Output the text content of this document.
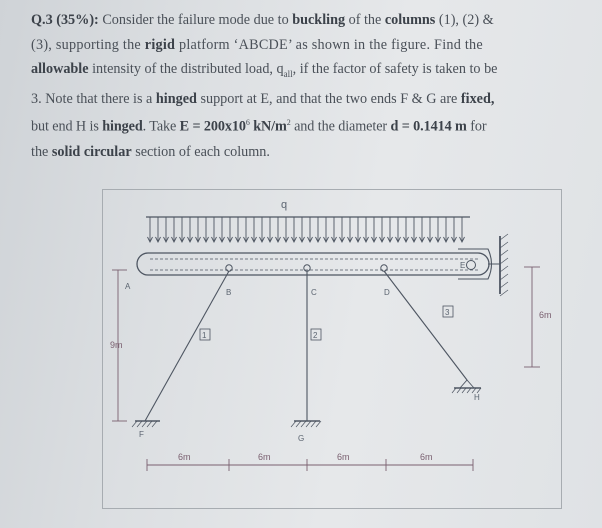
Q.3 (35%): Consider the failure mode due to buckling of the columns (1), (2) &

(3), supporting the rigid platform ‘ABCDE’ as shown in the figure. Find the

allowable intensity of the distributed load, $q_{all}$, if the factor of safety is taken to be

3. Note that there is a hinged support at E, and that the two ends F & G are fixed,

but end H is hinged. Take $E = 200x10^6$ $kN/m^2$ and the diameter d = 0.1414 m for

the solid circular section of each column.

q
A
B	C	D
E
F	G
H
1	2
3
9m
6m
6m	6m	6m	6m
